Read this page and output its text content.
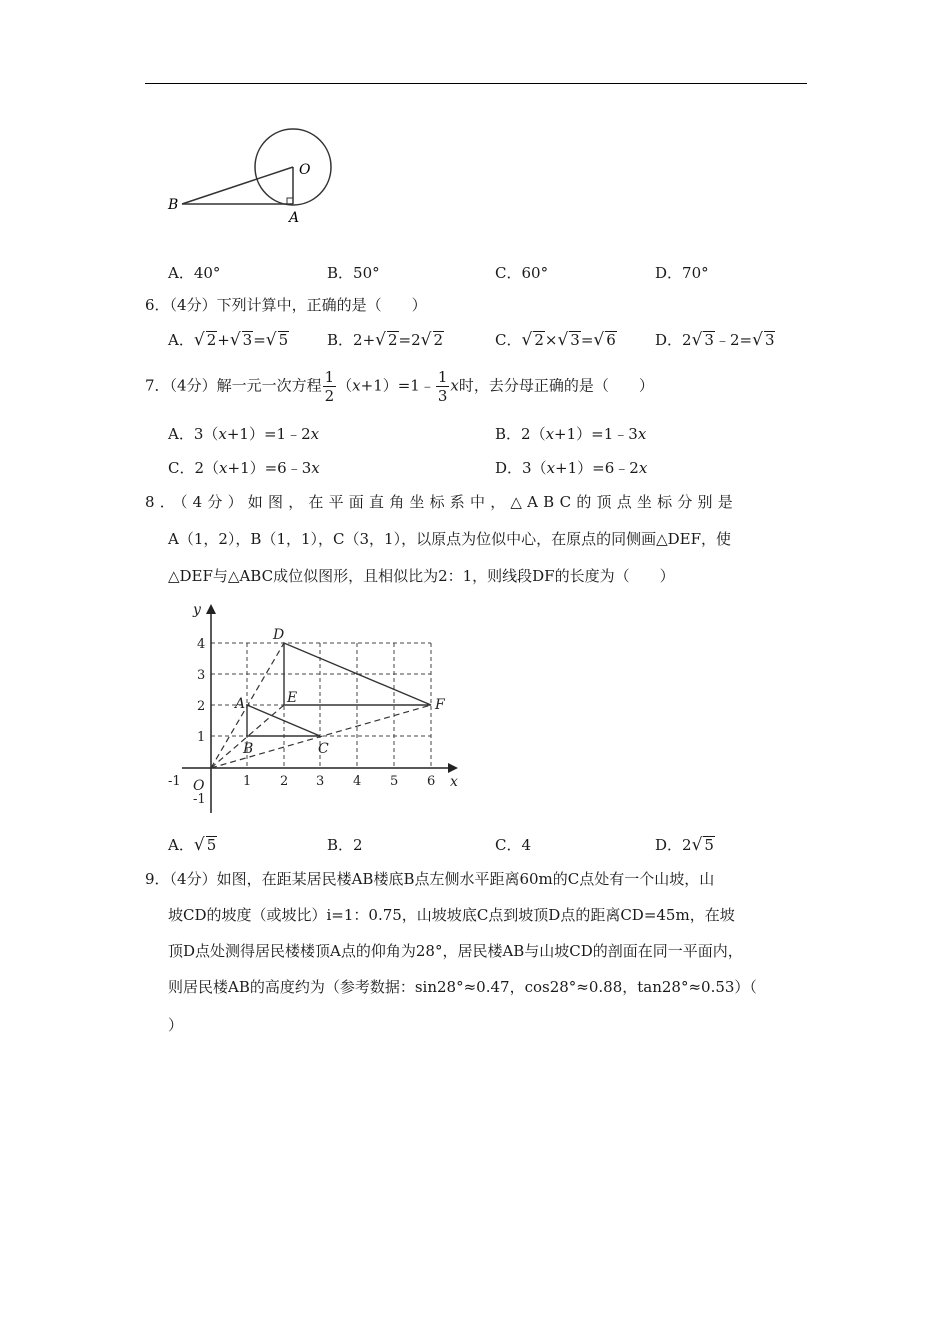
O
B
A
A．40°	B．50°	C．60°	D．70°
6．（4分）下列计算中，正确的是（　　）
A．√ 2+√ 3=√ 5	B．2+√ 2=2√ 2	C．√ 2×√ 3=√ 6	D．2√ 3﹣2=√ 3
7．（4分）解一元一次方程 $\frac{1}{2}$ （x+1）=1﹣ $\frac{1}{3}$ x时，去分母正确的是（　　）
A．3（x+1）=1﹣2x	B．2（x+1）=1﹣3x
C．2（x+1）=6﹣3x	D．3（x+1）=6﹣2x
8．（4分）如图，在平面直角坐标系中，△ABC的顶点坐标分别是
A（1，2），B（1，1），C（3，1），以原点为位似中心，在原点的同侧画△DEF，使
△DEF与△ABC成位似图形，且相似比为2：1，则线段DF的长度为（　　）
4
3
2
1
-1
-1	1 2 3 4 5 6
y
x
O
D
A	E	F
B	C
A．√ 5	B．2	C．4	D．2√ 5
9．（4分）如图，在距某居民楼AB楼底B点左侧水平距离60m的C点处有一个山坡，山
坡CD的坡度（或坡比）i=1：0.75，山坡坡底C点到坡顶D点的距离CD=45m，在坡
顶D点处测得居民楼楼顶A点的仰角为28°，居民楼AB与山坡CD的剖面在同一平面内，
则居民楼AB的高度约为（参考数据：sin28°≈0.47，cos28°≈0.88，tan28°≈0.53）（
）
